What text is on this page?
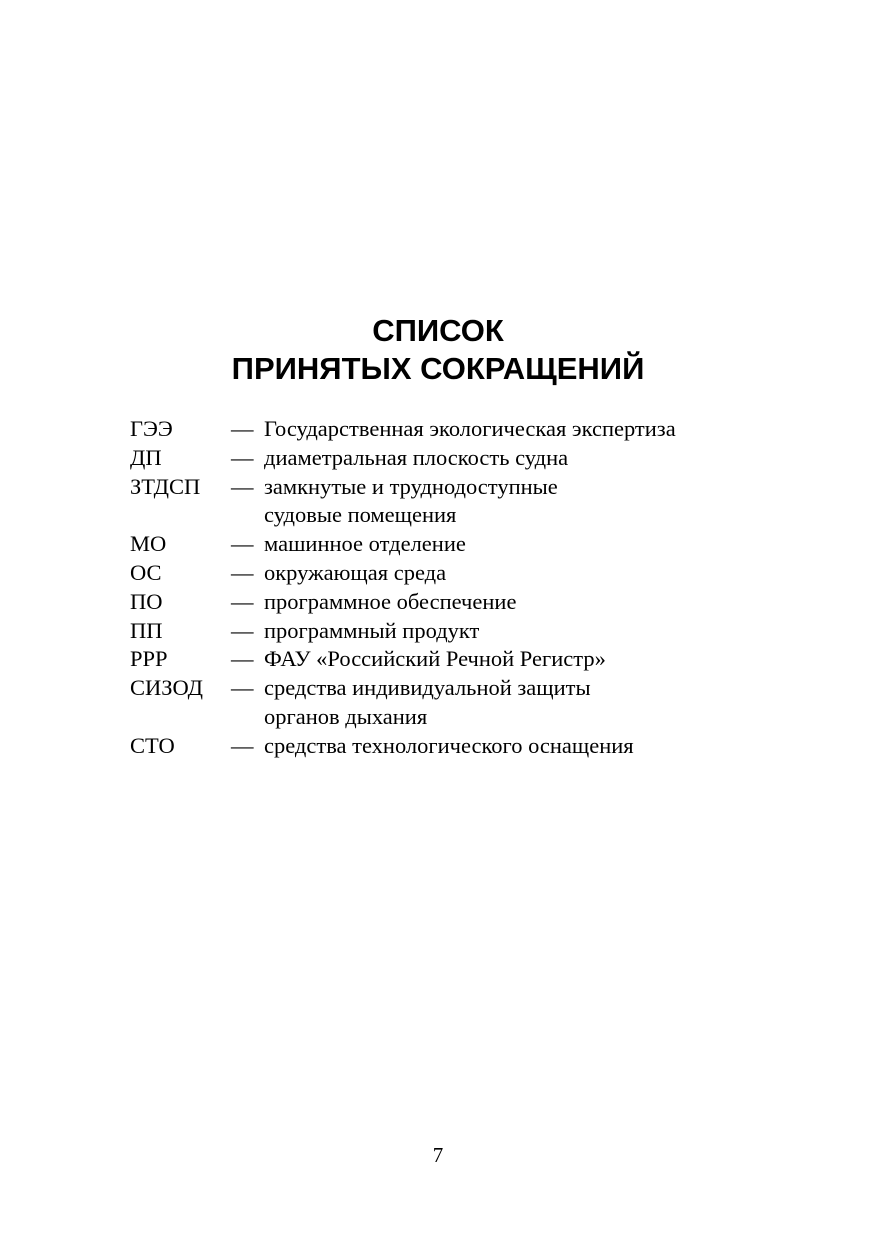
СПИСОК
ПРИНЯТЫХ СОКРАЩЕНИЙ
ГЭЭ	— Государственная экологическая экспертиза
ДП	— диаметральная плоскость судна
ЗТДСП	— замкнутые и труднодоступные
судовые помещения
МО	— машинное отделение
ОС	— окружающая среда
ПО	— программное обеспечение
ПП	— программный продукт
РРР	— ФАУ «Российский Речной Регистр»
СИЗОД	— средства индивидуальной защиты
органов дыхания
СТО	— средства технологического оснащения
7
